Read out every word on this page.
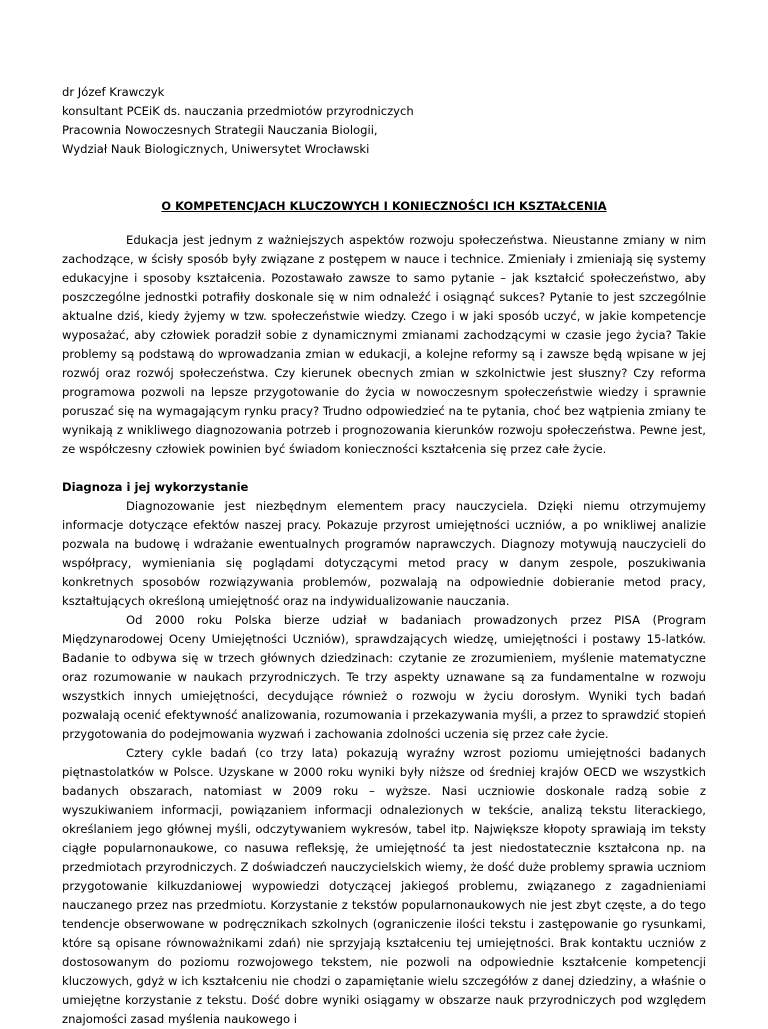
dr Józef Krawczyk
konsultant PCEiK ds. nauczania przedmiotów przyrodniczych
Pracownia Nowoczesnych Strategii Nauczania Biologii,
Wydział Nauk Biologicznych, Uniwersytet Wrocławski
O KOMPETENCJACH KLUCZOWYCH I KONIECZNOŚCI ICH KSZTAŁCENIA

Edukacja jest jednym z ważniejszych aspektów rozwoju społeczeństwa. Nieustanne zmiany w nim zachodzące, w ścisły sposób były związane z postępem w nauce i technice. Zmieniały i zmieniają się systemy edukacyjne i sposoby kształcenia. Pozostawało zawsze to samo pytanie – jak kształcić społeczeństwo, aby poszczególne jednostki potrafiły doskonale się w nim odnaleźć i osiągnąć sukces? Pytanie to jest szczególnie aktualne dziś, kiedy żyjemy w tzw. społeczeństwie wiedzy. Czego i w jaki sposób uczyć, w jakie kompetencje wyposażać, aby człowiek poradził sobie z dynamicznymi zmianami zachodzącymi w czasie jego życia? Takie problemy są podstawą do wprowadzania zmian w edukacji, a kolejne reformy są i zawsze będą wpisane w jej rozwój oraz rozwój społeczeństwa. Czy kierunek obecnych zmian w szkolnictwie jest słuszny? Czy reforma programowa pozwoli na lepsze przygotowanie do życia w nowoczesnym społeczeństwie wiedzy i sprawnie poruszać się na wymagającym rynku pracy? Trudno odpowiedzieć na te pytania, choć bez wątpienia zmiany te wynikają z wnikliwego diagnozowania potrzeb i prognozowania kierunków rozwoju społeczeństwa. Pewne jest, ze współczesny człowiek powinien być świadom konieczności kształcenia się przez całe życie.

Diagnoza i jej wykorzystanie

Diagnozowanie jest niezbędnym elementem pracy nauczyciela. Dzięki niemu otrzymujemy informacje dotyczące efektów naszej pracy. Pokazuje przyrost umiejętności uczniów, a po wnikliwej analizie pozwala na budowę i wdrażanie ewentualnych programów naprawczych. Diagnozy motywują nauczycieli do współpracy, wymieniania się poglądami dotyczącymi metod pracy w danym zespole, poszukiwania konkretnych sposobów rozwiązywania problemów, pozwalają na odpowiednie dobieranie metod pracy, kształtujących określoną umiejętność oraz na indywidualizowanie nauczania.

Od 2000 roku Polska bierze udział w badaniach prowadzonych przez PISA (Program Międzynarodowej Oceny Umiejętności Uczniów), sprawdzających wiedzę, umiejętności i postawy 15-latków. Badanie to odbywa się w trzech głównych dziedzinach: czytanie ze zrozumieniem, myślenie matematyczne oraz rozumowanie w naukach przyrodniczych. Te trzy aspekty uznawane są za fundamentalne w rozwoju wszystkich innych umiejętności, decydujące również o rozwoju w życiu dorosłym. Wyniki tych badań pozwalają ocenić efektywność analizowania, rozumowania i przekazywania myśli, a przez to sprawdzić stopień przygotowania do podejmowania wyzwań i zachowania zdolności uczenia się przez całe życie.

Cztery cykle badań (co trzy lata) pokazują wyraźny wzrost poziomu umiejętności badanych piętnastolatków w Polsce. Uzyskane w 2000 roku wyniki były niższe od średniej krajów OECD we wszystkich badanych obszarach, natomiast w 2009 roku – wyższe. Nasi uczniowie doskonale radzą sobie z wyszukiwaniem informacji, powiązaniem informacji odnalezionych w tekście, analizą tekstu literackiego, określaniem jego głównej myśli, odczytywaniem wykresów, tabel itp. Największe kłopoty sprawiają im teksty ciągłe popularnonaukowe, co nasuwa refleksję, że umiejętność ta jest niedostatecznie kształcona np. na przedmiotach przyrodniczych. Z doświadczeń nauczycielskich wiemy, że dość duże problemy sprawia uczniom przygotowanie kilkuzdaniowej wypowiedzi dotyczącej jakiegoś problemu, związanego z zagadnieniami nauczanego przez nas przedmiotu. Korzystanie z tekstów popularnonaukowych nie jest zbyt częste, a do tego tendencje obserwowane w podręcznikach szkolnych (ograniczenie ilości tekstu i zastępowanie go rysunkami, które są opisane równoważnikami zdań) nie sprzyjają kształceniu tej umiejętności. Brak kontaktu uczniów z dostosowanym do poziomu rozwojowego tekstem, nie pozwoli na odpowiednie kształcenie kompetencji kluczowych, gdyż w ich kształceniu nie chodzi o zapamiętanie wielu szczegółów z danej dziedziny, a właśnie o umiejętne korzystanie z tekstu. Dość dobre wyniki osiągamy w obszarze nauk przyrodniczych pod względem znajomości zasad myślenia naukowego i
